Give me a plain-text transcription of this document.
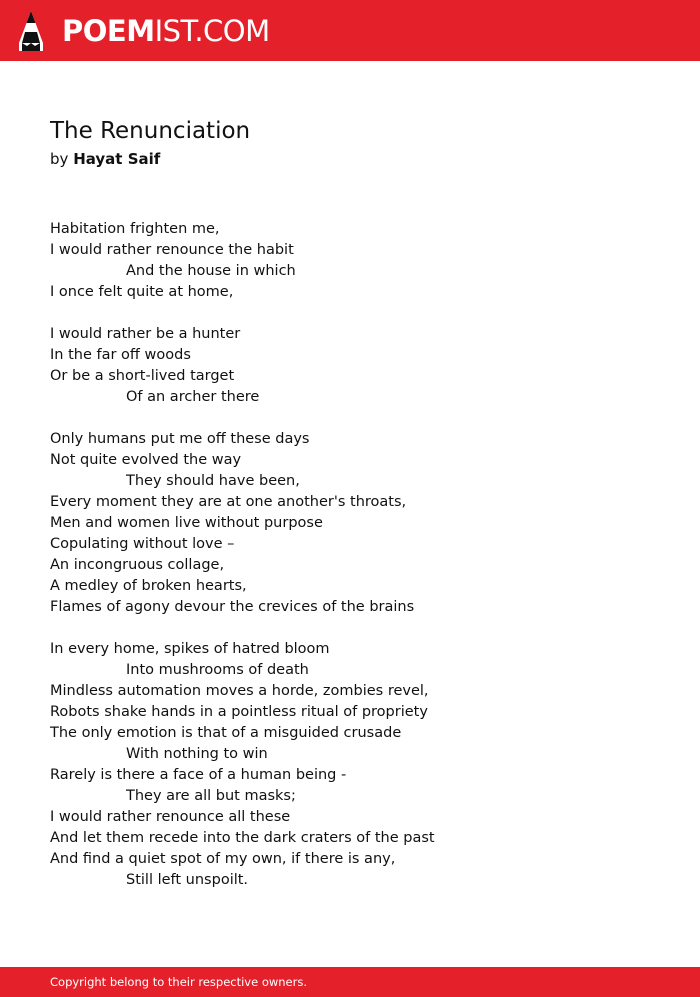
POEMIST.COM
The Renunciation
by Hayat Saif
Habitation frighten me,
I would rather renounce the habit
And the house in which
I once felt quite at home,
I would rather be a hunter
In the far off woods
Or be a short-lived target
Of an archer there
Only humans put me off these days
Not quite evolved the way
They should have been,
Every moment they are at one another's throats,
Men and women live without purpose
Copulating without love –
An incongruous collage,
A medley of broken hearts,
Flames of agony devour the crevices of the brains
In every home, spikes of hatred bloom
Into mushrooms of death
Mindless automation moves a horde, zombies revel,
Robots shake hands in a pointless ritual of propriety
The only emotion is that of a misguided crusade
With nothing to win
Rarely is there a face of a human being -
They are all but masks;
I would rather renounce all these
And let them recede into the dark craters of the past
And find a quiet spot of my own, if there is any,
Still left unspoilt.
Copyright belong to their respective owners.
